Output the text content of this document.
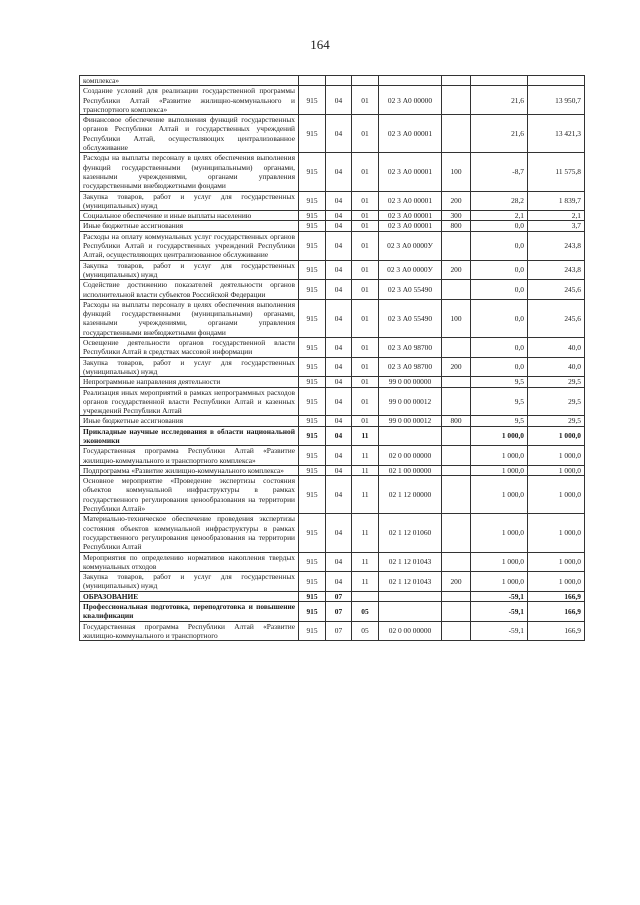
164
комплекса»							
Создание условий для реализации государственной программы Республики Алтай «Развитие жилищно-коммунального и транспортного комплекса»	915	04	01	02 3 А0 00000		21,6	13 950,7
Финансовое обеспечение выполнения функций государственных органов Республики Алтай и государственных учреждений Республики Алтай, осуществляющих централизованное обслуживание	915	04	01	02 3 А0 00001		21,6	13 421,3
Расходы на выплаты персоналу в целях обеспечения выполнения функций государственными (муниципальными) органами, казенными учреждениями, органами управления государственными внебюджетными фондами	915	04	01	02 3 А0 00001	100	-8,7	11 575,8
Закупка товаров, работ и услуг для государственных (муниципальных) нужд	915	04	01	02 3 А0 00001	200	28,2	1 839,7
Социальное обеспечение и иные выплаты населению	915	04	01	02 3 А0 00001	300	2,1	2,1
Иные бюджетные ассигнования	915	04	01	02 3 А0 00001	800	0,0	3,7
Расходы на оплату коммунальных услуг государственных органов Республики Алтай и государственных учреждений Республики Алтай, осуществляющих централизованное обслуживание	915	04	01	02 3 А0 0000У		0,0	243,8
Закупка товаров, работ и услуг для государственных (муниципальных) нужд	915	04	01	02 3 А0 0000У	200	0,0	243,8
Содействие достижению показателей деятельности органов исполнительной власти субъектов Российской Федерации	915	04	01	02 3 А0 55490		0,0	245,6
Расходы на выплаты персоналу в целях обеспечения выполнения функций государственными (муниципальными) органами, казенными учреждениями, органами управления государственными внебюджетными фондами	915	04	01	02 3 А0 55490	100	0,0	245,6
Освещение деятельности органов государственной власти Республики Алтай в средствах массовой информации	915	04	01	02 3 А0 98700		0,0	40,0
Закупка товаров, работ и услуг для государственных (муниципальных) нужд	915	04	01	02 3 А0 98700	200	0,0	40,0
Непрограммные направления деятельности	915	04	01	99 0 00 00000		9,5	29,5
Реализация иных мероприятий в рамках непрограммных расходов органов государственной власти Республики Алтай и казенных учреждений Республики Алтай	915	04	01	99 0 00 00012		9,5	29,5
Иные бюджетные ассигнования	915	04	01	99 0 00 00012	800	9,5	29,5
Прикладные научные исследования в области национальной экономики	915	04	11			1 000,0	1 000,0
Государственная программа Республики Алтай «Развитие жилищно-коммунального и транспортного комплекса»	915	04	11	02 0 00 00000		1 000,0	1 000,0
Подпрограмма «Развитие жилищно-коммунального комплекса»	915	04	11	02 1 00 00000		1 000,0	1 000,0
Основное мероприятие «Проведение экспертизы состояния объектов коммунальной инфраструктуры в рамках государственного регулирования ценообразования на территории Республики Алтай»	915	04	11	02 1 12 00000		1 000,0	1 000,0
Материально-техническое обеспечение проведения экспертизы состояния объектов коммунальной инфраструктуры в рамках государственного регулирования ценообразования на территории Республики Алтай	915	04	11	02 1 12 01060		1 000,0	1 000,0
Мероприятия по определению нормативов накопления твердых коммунальных отходов	915	04	11	02 1 12 01043		1 000,0	1 000,0
Закупка товаров, работ и услуг для государственных (муниципальных) нужд	915	04	11	02 1 12 01043	200	1 000,0	1 000,0
ОБРАЗОВАНИЕ	915	07				-59,1	166,9
Профессиональная подготовка, переподготовка и повышение квалификации	915	07	05			-59,1	166,9
Государственная программа Республики Алтай «Развитие жилищно-коммунального и транспортного	915	07	05	02 0 00 00000		-59,1	166,9
